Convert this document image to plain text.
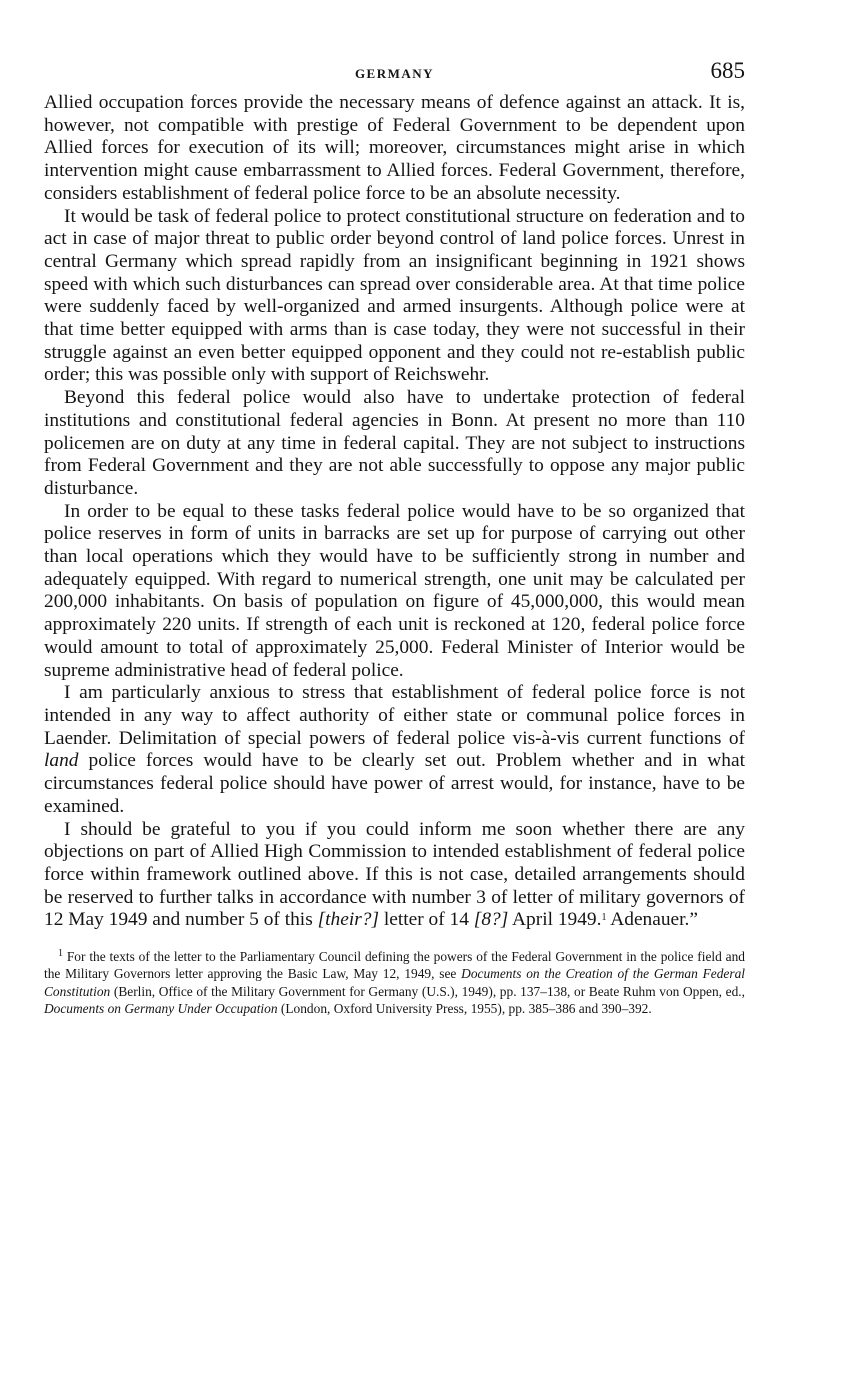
GERMANY	685

Allied occupation forces provide the necessary means of defence against an attack. It is, however, not compatible with prestige of Federal Government to be dependent upon Allied forces for execution of its will; moreover, circumstances might arise in which intervention might cause embarrassment to Allied forces. Federal Government, therefore, considers establishment of federal police force to be an absolute necessity.

It would be task of federal police to protect constitutional structure on federation and to act in case of major threat to public order beyond control of land police forces. Unrest in central Germany which spread rapidly from an insignificant beginning in 1921 shows speed with which such disturbances can spread over considerable area. At that time police were suddenly faced by well-organized and armed insurgents. Although police were at that time better equipped with arms than is case today, they were not successful in their struggle against an even better equipped opponent and they could not re-establish public order; this was possible only with support of Reichswehr.

Beyond this federal police would also have to undertake protection of federal institutions and constitutional federal agencies in Bonn. At present no more than 110 policemen are on duty at any time in federal capital. They are not subject to instructions from Federal Government and they are not able successfully to oppose any major public disturbance.

In order to be equal to these tasks federal police would have to be so organized that police reserves in form of units in barracks are set up for purpose of carrying out other than local operations which they would have to be sufficiently strong in number and adequately equipped. With regard to numerical strength, one unit may be calculated per 200,000 inhabitants. On basis of population on figure of 45,000,000, this would mean approximately 220 units. If strength of each unit is reckoned at 120, federal police force would amount to total of approximately 25,000. Federal Minister of Interior would be supreme administrative head of federal police.

I am particularly anxious to stress that establishment of federal police force is not intended in any way to affect authority of either state or communal police forces in Laender. Delimitation of special powers of federal police vis-à-vis current functions of land police forces would have to be clearly set out. Problem whether and in what circumstances federal police should have power of arrest would, for instance, have to be examined.

I should be grateful to you if you could inform me soon whether there are any objections on part of Allied High Commission to intended establishment of federal police force within framework outlined above. If this is not case, detailed arrangements should be reserved to further talks in accordance with number 3 of letter of military governors of 12 May 1949 and number 5 of this [their?] letter of 14 [8?] April 1949.$^1$ Adenauer.”

$^1$ For the texts of the letter to the Parliamentary Council defining the powers of the Federal Government in the police field and the Military Governors letter approving the Basic Law, May 12, 1949, see Documents on the Creation of the German Federal Constitution (Berlin, Office of the Military Government for Germany (U.S.), 1949), pp. 137–138, or Beate Ruhm von Oppen, ed., Documents on Germany Under Occupation (London, Oxford University Press, 1955), pp. 385–386 and 390–392.
